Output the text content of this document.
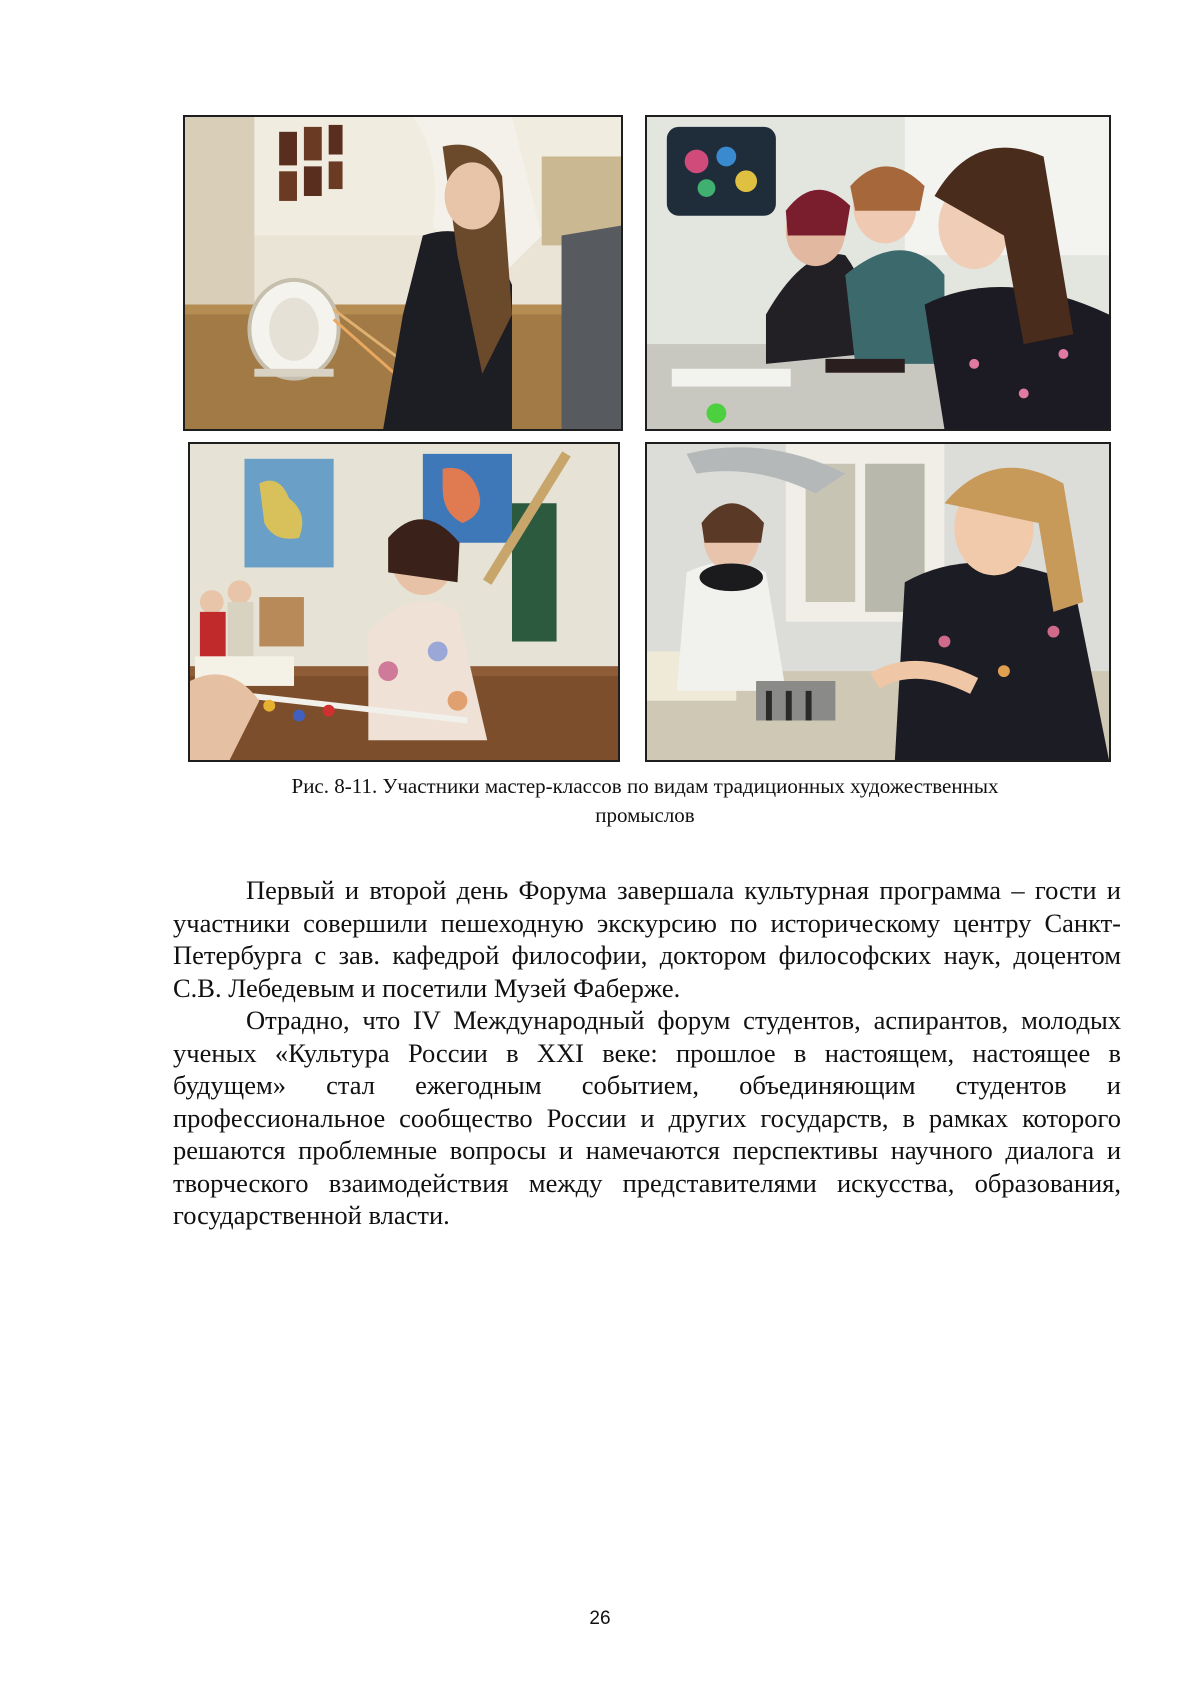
Рис. 8-11. Участники мастер-классов по видам традиционных художественных
промыслов

Первый и второй день Форума завершала культурная программа – гости и участники совершили пешеходную экскурсию по историческому центру Санкт-Петербурга с зав. кафедрой философии, доктором философских наук, доцентом С.В. Лебедевым и посетили Музей Фаберже.

Отрадно, что IV Международный форум студентов, аспирантов, молодых ученых «Культура России в XXI веке: прошлое в настоящем, настоящее в будущем» стал ежегодным событием, объединяющим студентов и профессиональное сообщество России и других государств, в рамках которого решаются проблемные вопросы и намечаются перспективы научного диалога и творческого взаимодействия между представителями искусства, образования, государственной власти.

26
